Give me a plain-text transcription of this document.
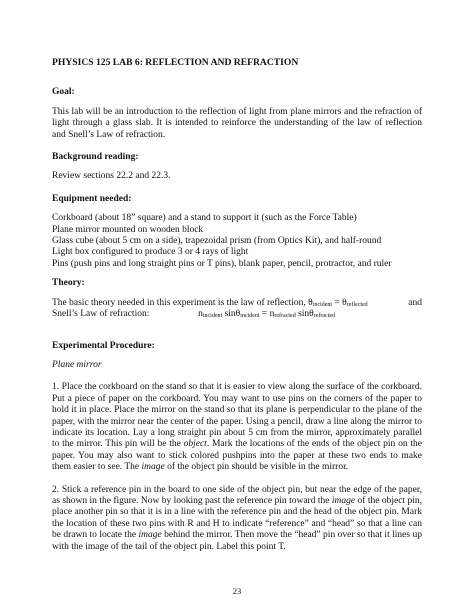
PHYSICS 125 LAB 6: REFLECTION AND REFRACTION
Goal:

This lab will be an introduction to the reflection of light from plane mirrors and the refraction of light through a glass slab. It is intended to reinforce the understanding of the law of reflection and Snell’s Law of refraction.

Background reading:

Review sections 22.2 and 22.3.

Equipment needed:
Corkboard (about 18” square) and a stand to support it (such as the Force Table)
Plane mirror mounted on wooden block
Glass cube (about 5 cm on a side), trapezoidal prism (from Optics Kit), and half-round
Light box configured to produce 3 or 4 rays of light
Pins (push pins and long straight pins or T pins), blank paper, pencil, protractor, and ruler
Theory:
The basic theory needed in this experiment is the law of reflection, $\theta_{incident} = \theta_{reflected}$	and
Snell’s Law of refraction:	$n_{incident}$ $\sin\theta_{incident} = n_{refracted}$ sinθ$_{refracted}$
Experimental Procedure:
Plane mirror

1. Place the corkboard on the stand so that it is easier to view along the surface of the corkboard. Put a piece of paper on the corkboard. You may want to use pins on the corners of the paper to hold it in place. Place the mirror on the stand so that its plane is perpendicular to the plane of the paper, with the mirror near the center of the paper. Using a pencil, draw a line along the mirror to indicate its location. Lay a long straight pin about 5 cm from the mirror, approximately parallel to the mirror. This pin will be the object. Mark the locations of the ends of the object pin on the paper. You may also want to stick colored pushpins into the paper at these two ends to make them easier to see. The image of the object pin should be visible in the mirror.

2. Stick a reference pin in the board to one side of the object pin, but near the edge of the paper, as shown in the figure. Now by looking past the reference pin toward the image of the object pin, place another pin so that it is in a line with the reference pin and the head of the object pin. Mark the location of these two pins with R and H to indicate “reference” and “head” so that a line can be drawn to locate the image behind the mirror. Then move the “head” pin over so that it lines up with the image of the tail of the object pin. Label this point T.

23
